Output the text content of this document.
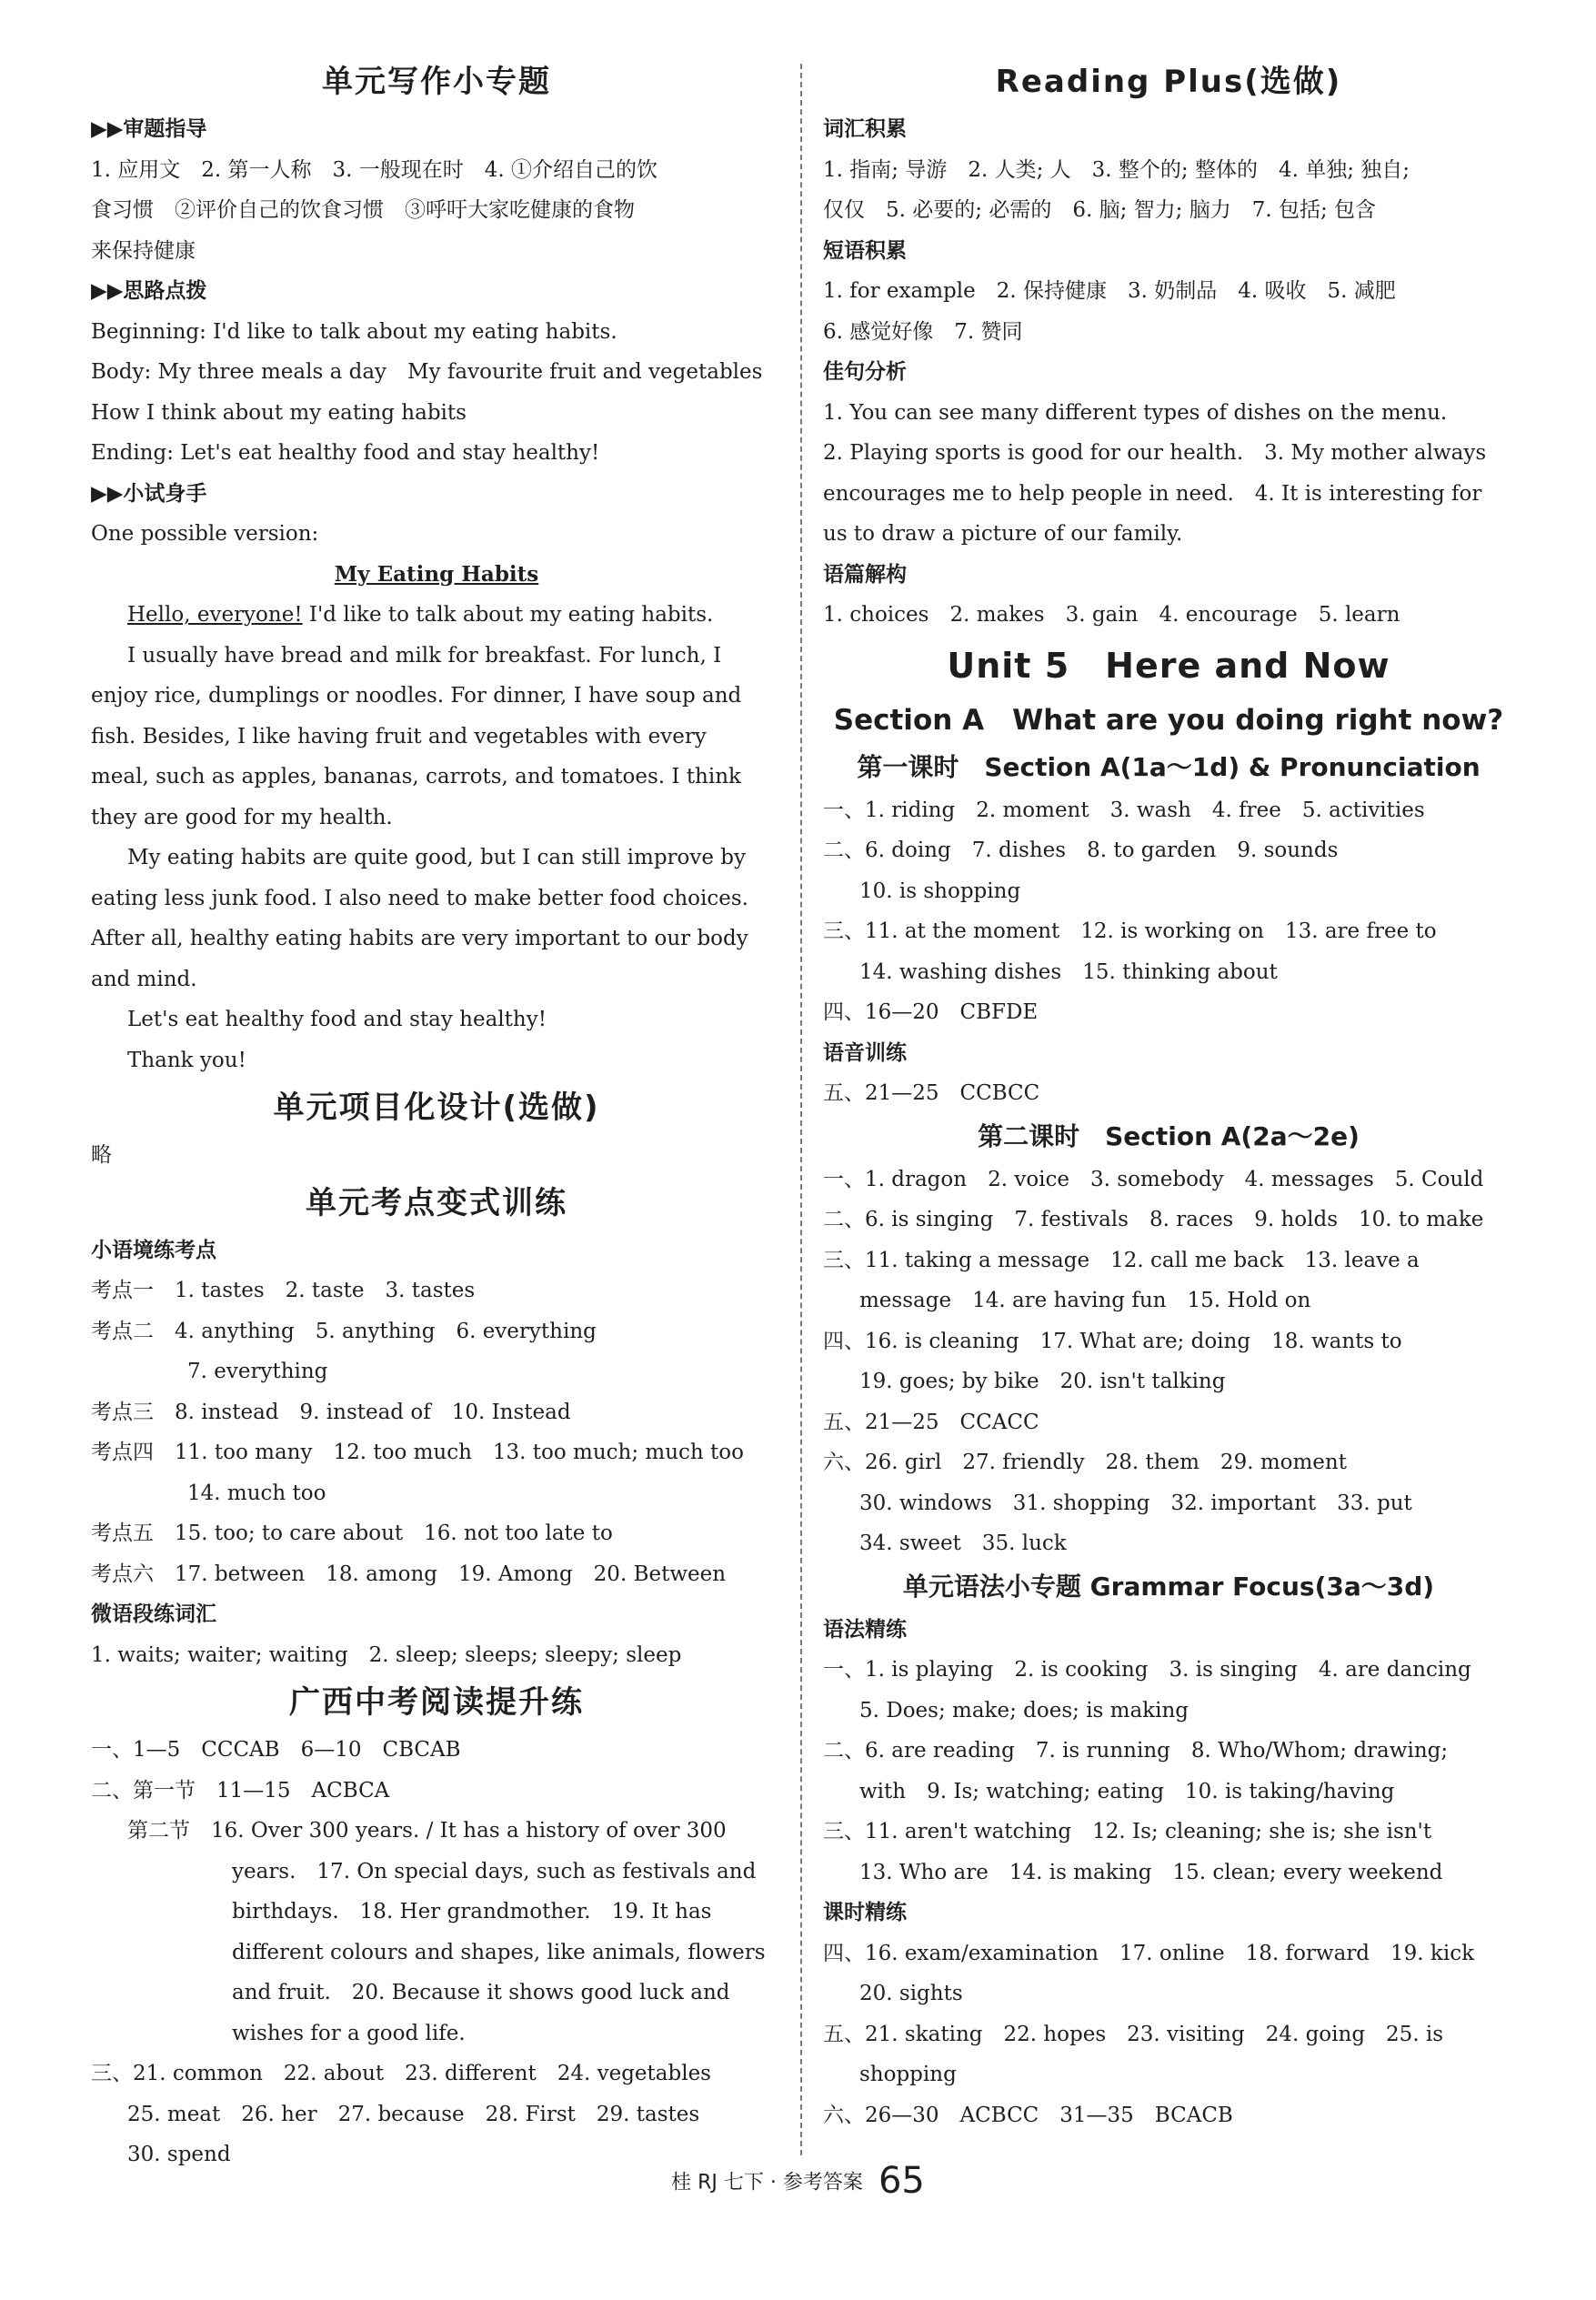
单元写作小专题
▶▶审题指导
1. 应用文　2. 第一人称　3. 一般现在时　4. ①介绍自己的饮
食习惯　②评价自己的饮食习惯　③呼吁大家吃健康的食物
来保持健康
▶▶思路点拨
Beginning: I'd like to talk about my eating habits.
Body: My three meals a day　My favourite fruit and vegetables
How I think about my eating habits
Ending: Let's eat healthy food and stay healthy!
▶▶小试身手
One possible version:
My Eating Habits
Hello, everyone! I'd like to talk about my eating habits.
I usually have bread and milk for breakfast. For lunch, I
enjoy rice, dumplings or noodles. For dinner, I have soup and
fish. Besides, I like having fruit and vegetables with every
meal, such as apples, bananas, carrots, and tomatoes. I think
they are good for my health.
My eating habits are quite good, but I can still improve by
eating less junk food. I also need to make better food choices.
After all, healthy eating habits are very important to our body
and mind.
Let's eat healthy food and stay healthy!
Thank you!
单元项目化设计(选做)
略
单元考点变式训练
小语境练考点
考点一　1. tastes　2. taste　3. tastes
考点二　4. anything　5. anything　6. everything
　　7. everything
考点三　8. instead　9. instead of　10. Instead
考点四　11. too many　12. too much　13. too much; much too
　　14. much too
考点五　15. too; to care about　16. not too late to
考点六　17. between　18. among　19. Among　20. Between
微语段练词汇
1. waits; waiter; waiting　2. sleep; sleeps; sleepy; sleep
广西中考阅读提升练
一、1—5　CCCAB　6—10　CBCAB
二、第一节　11—15　ACBCA
第二节　16. Over 300 years. / It has a history of over 300
years.　17. On special days, such as festivals and
birthdays.　18. Her grandmother.　19. It has
different colours and shapes, like animals, flowers
and fruit.　20. Because it shows good luck and
wishes for a good life.
三、21. common　22. about　23. different　24. vegetables
25. meat　26. her　27. because　28. First　29. tastes
30. spend
Reading Plus(选做)
词汇积累
1. 指南; 导游　2. 人类; 人　3. 整个的; 整体的　4. 单独; 独自;
仅仅　5. 必要的; 必需的　6. 脑; 智力; 脑力　7. 包括; 包含
短语积累
1. for example　2. 保持健康　3. 奶制品　4. 吸收　5. 减肥
6. 感觉好像　7. 赞同
佳句分析
1. You can see many different types of dishes on the menu.
2. Playing sports is good for our health.　3. My mother always
encourages me to help people in need.　4. It is interesting for
us to draw a picture of our family.
语篇解构
1. choices　2. makes　3. gain　4. encourage　5. learn
Unit 5　Here and Now
Section A　What are you doing right now?
第一课时　Section A(1a～1d) & Pronunciation
一、1. riding　2. moment　3. wash　4. free　5. activities
二、6. doing　7. dishes　8. to garden　9. sounds
10. is shopping
三、11. at the moment　12. is working on　13. are free to
14. washing dishes　15. thinking about
四、16—20　CBFDE
语音训练
五、21—25　CCBCC
第二课时　Section A(2a～2e)
一、1. dragon　2. voice　3. somebody　4. messages　5. Could
二、6. is singing　7. festivals　8. races　9. holds　10. to make
三、11. taking a message　12. call me back　13. leave a
message　14. are having fun　15. Hold on
四、16. is cleaning　17. What are; doing　18. wants to
19. goes; by bike　20. isn't talking
五、21—25　CCACC
六、26. girl　27. friendly　28. them　29. moment
30. windows　31. shopping　32. important　33. put
34. sweet　35. luck
单元语法小专题 Grammar Focus(3a～3d)
语法精练
一、1. is playing　2. is cooking　3. is singing　4. are dancing
5. Does; make; does; is making
二、6. are reading　7. is running　8. Who/Whom; drawing;
with　9. Is; watching; eating　10. is taking/having
三、11. aren't watching　12. Is; cleaning; she is; she isn't
13. Who are　14. is making　15. clean; every weekend
课时精练
四、16. exam/examination　17. online　18. forward　19. kick
20. sights
五、21. skating　22. hopes　23. visiting　24. going　25. is
shopping
六、26—30　ACBCC　31—35　BCACB
桂 RJ 七下 · 参考答案 65
